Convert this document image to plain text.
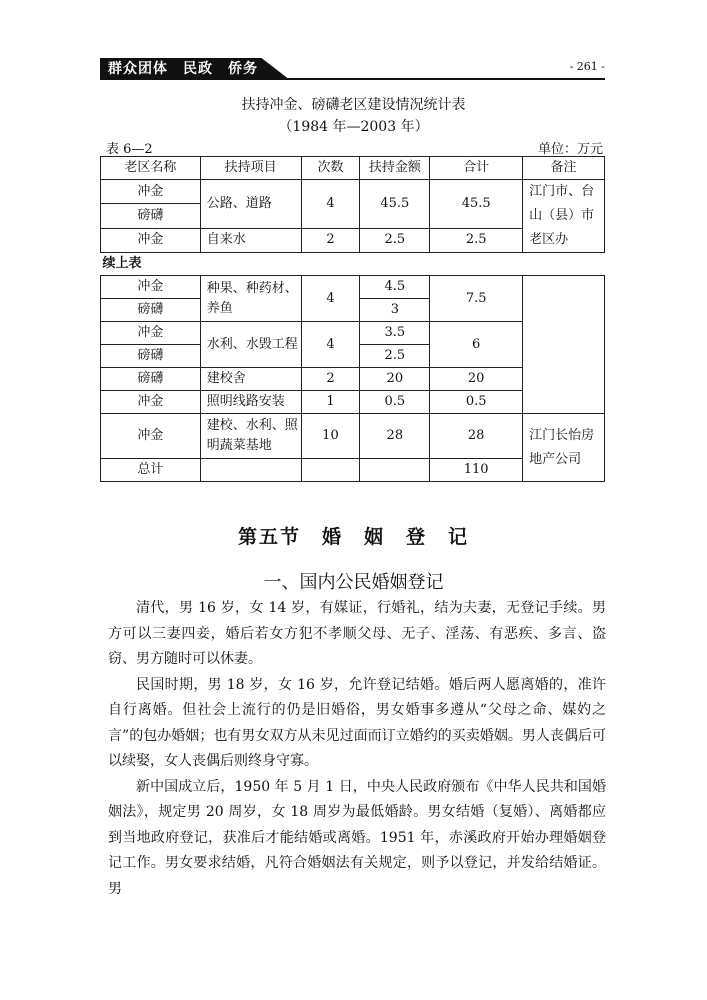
群众团体　民政　侨务	- 261 -
扶持冲金、磅礴老区建设情况统计表
（1984 年—2003 年）
表 6—2	单位：万元
老区名称	扶持项目	次数	扶持金额	合计	备注
冲金	公路、道路	4	45.5	45.5	江门市、台山（县）市老区办
磅礴					
冲金	自来水	2	2.5	2.5	
续上表					
冲金	种果、种药材、养鱼	4	4.5	7.5	
磅礴			3		
冲金	水利、水毁工程	4	3.5	6	
磅礴			2.5		
磅礴	建校舍	2	20	20	
冲金	照明线路安装	1	0.5	0.5	
冲金	建校、水利、照明蔬菜基地	10	28	28	江门长怡房地产公司
总计				110	
第五节　婚　姻　登　记
一、国内公民婚姻登记

清代，男 16 岁，女 14 岁，有媒证，行婚礼，结为夫妻，无登记手续。男方可以三妻四妾，婚后若女方犯不孝顺父母、无子、淫荡、有恶疾、多言、盗窃、男方随时可以休妻。

民国时期，男 18 岁，女 16 岁，允许登记结婚。婚后两人愿离婚的，准许自行离婚。但社会上流行的仍是旧婚俗，男女婚事多遵从“父母之命、媒妁之言”的包办婚姻；也有男女双方从未见过面而订立婚约的买卖婚姻。男人丧偶后可以续娶，女人丧偶后则终身守寡。

新中国成立后，1950 年 5 月 1 日，中央人民政府颁布《中华人民共和国婚姻法》，规定男 20 周岁，女 18 周岁为最低婚龄。男女结婚（复婚）、离婚都应到当地政府登记，获准后才能结婚或离婚。1951 年，赤溪政府开始办理婚姻登记工作。男女要求结婚，凡符合婚姻法有关规定，则予以登记，并发给结婚证。男
